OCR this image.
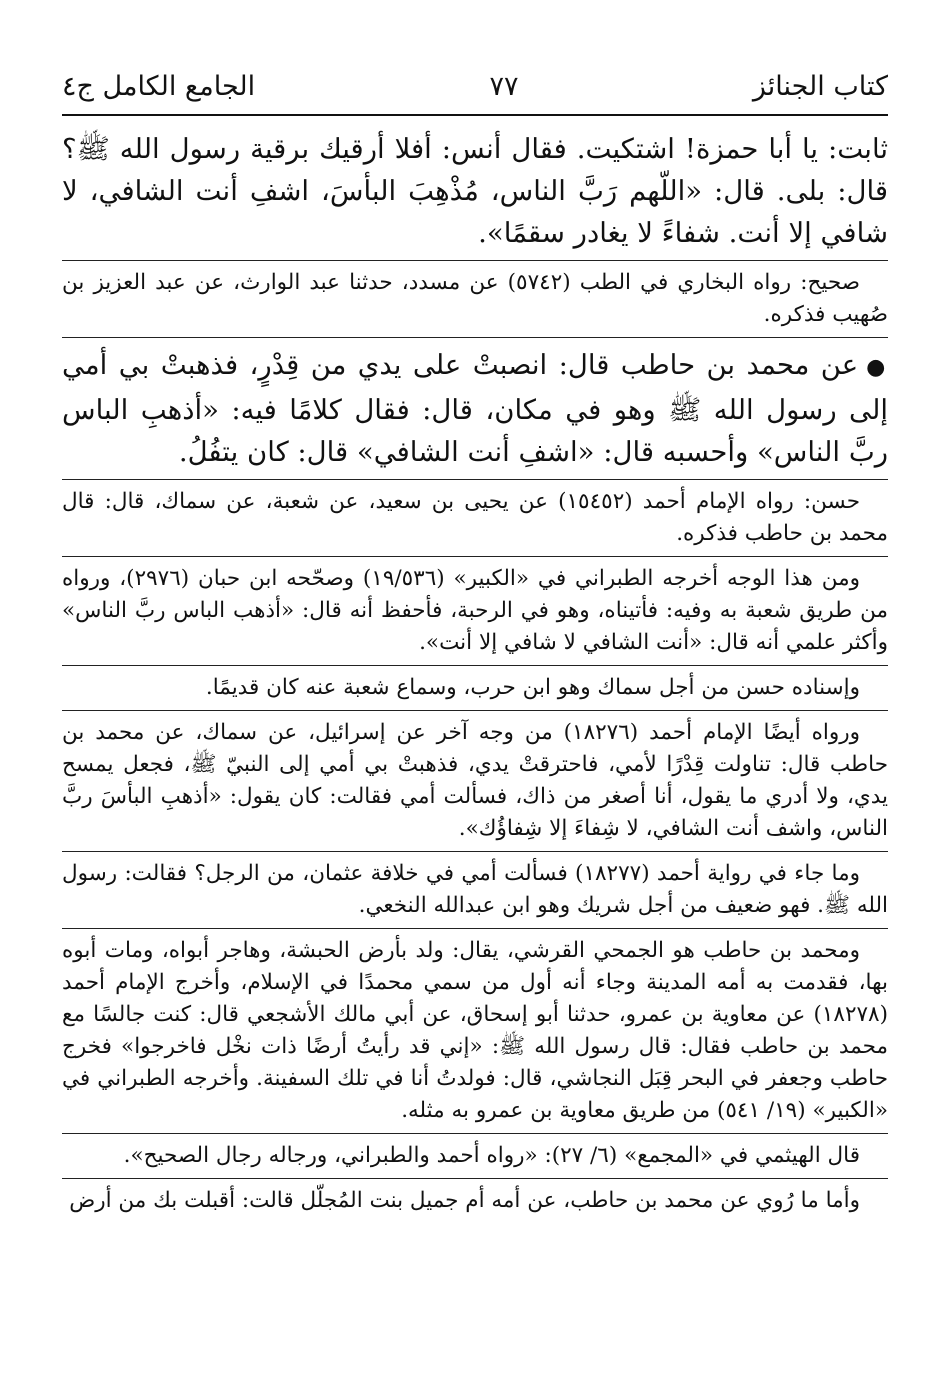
كتاب الجنائز
٧٧
الجامع الكامل ج٤

ثابت: يا أبا حمزة! اشتكيت. فقال أنس: أفلا أرقيك برقية رسول الله ﷺ؟ قال: بلى. قال: «اللّهم رَبَّ الناس، مُذْهِبَ البأسَ، اشفِ أنت الشافي، لا شافي إلا أنت. شفاءً لا يغادر سقمًا».

صحيح: رواه البخاري في الطب (٥٧٤٢) عن مسدد، حدثنا عبد الوارث، عن عبد العزيز بن صُهيب فذكره.

●عن محمد بن حاطب قال: انصبتْ على يدي من قِدْرٍ، فذهبتْ بي أمي إلى رسول الله ﷺ وهو في مكان، قال: فقال كلامًا فيه: «أذهبِ الباس ربَّ الناس» وأحسبه قال: «اشفِ أنت الشافي» قال: كان يتفُلُ.

حسن: رواه الإمام أحمد (١٥٤٥٢) عن يحيى بن سعيد، عن شعبة، عن سماك، قال: قال محمد بن حاطب فذكره.

ومن هذا الوجه أخرجه الطبراني في «الكبير» (١٩/٥٣٦) وصحّحه ابن حبان (٢٩٧٦)، ورواه من طريق شعبة به وفيه: فأتيناه، وهو في الرحبة، فأحفظ أنه قال: «أذهب الباس ربَّ الناس» وأكثر علمي أنه قال: «أنت الشافي لا شافي إلا أنت».

وإسناده حسن من أجل سماك وهو ابن حرب، وسماع شعبة عنه كان قديمًا.

ورواه أيضًا الإمام أحمد (١٨٢٧٦) من وجه آخر عن إسرائيل، عن سماك، عن محمد بن حاطب قال: تناولت قِدْرًا لأمي، فاحترقتْ يدي، فذهبتْ بي أمي إلى النبيّ ﷺ، فجعل يمسح يدي، ولا أدري ما يقول، أنا أصغر من ذاك، فسألت أمي فقالت: كان يقول: «أذهبِ البأسَ ربَّ الناس، واشف أنت الشافي، لا شِفاءَ إلا شِفاؤُك».

وما جاء في رواية أحمد (١٨٢٧٧) فسألت أمي في خلافة عثمان، من الرجل؟ فقالت: رسول الله ﷺ. فهو ضعيف من أجل شريك وهو ابن عبدالله النخعي.

ومحمد بن حاطب هو الجمحي القرشي، يقال: ولد بأرض الحبشة، وهاجر أبواه، ومات أبوه بها، فقدمت به أمه المدينة وجاء أنه أول من سمي محمدًا في الإسلام، وأخرج الإمام أحمد (١٨٢٧٨) عن معاوية بن عمرو، حدثنا أبو إسحاق، عن أبي مالك الأشجعي قال: كنت جالسًا مع محمد بن حاطب فقال: قال رسول الله ﷺ: «إني قد رأيتُ أرضًا ذات نخْل فاخرجوا» فخرج حاطب وجعفر في البحر قِبَل النجاشي، قال: فولدتُ أنا في تلك السفينة. وأخرجه الطبراني في «الكبير» (١٩/ ٥٤١) من طريق معاوية بن عمرو به مثله.

قال الهيثمي في «المجمع» (٦/ ٢٧): «رواه أحمد والطبراني، ورجاله رجال الصحيح».

وأما ما رُوي عن محمد بن حاطب، عن أمه أم جميل بنت المُجلّل قالت: أقبلت بك من أرض
